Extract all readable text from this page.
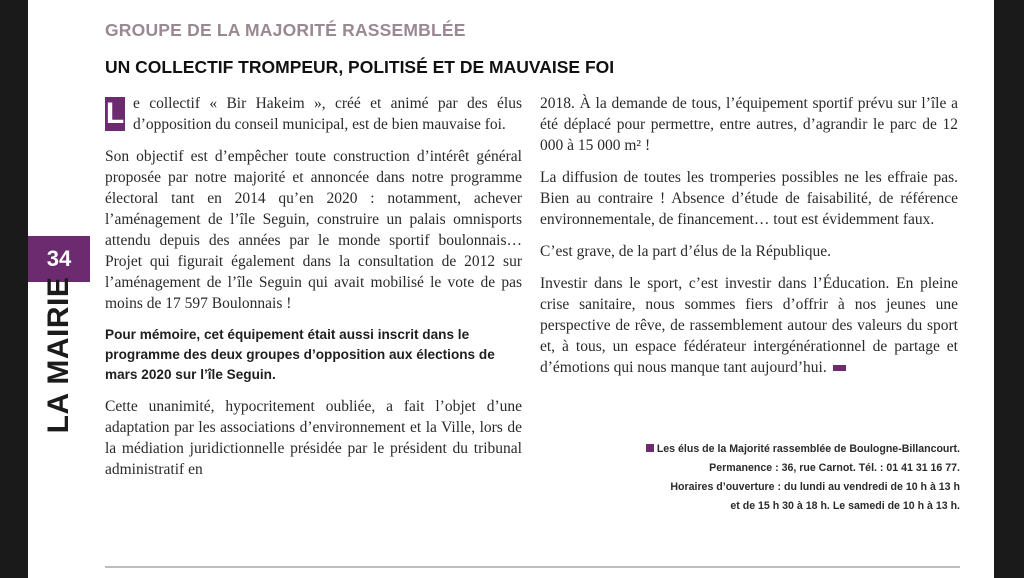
34
LA MAIRIE
GROUPE DE LA MAJORITÉ RASSEMBLÉE
UN COLLECTIF TROMPEUR, POLITISÉ ET DE MAUVAISE FOI

L e collectif « Bir Hakeim », créé et animé par des élus d’opposition du conseil municipal, est de bien mauvaise foi.

Son objectif est d’empêcher toute construction d’intérêt général proposée par notre majorité et annoncée dans notre programme électoral tant en 2014 qu’en 2020 : notamment, achever l’aménagement de l’île Seguin, construire un palais omnisports attendu depuis des années par le monde sportif boulonnais… Projet qui figurait également dans la consultation de 2012 sur l’aménagement de l’île Seguin qui avait mobilisé le vote de pas moins de 17 597 Boulonnais !

Pour mémoire, cet équipement était aussi inscrit dans le programme des deux groupes d’opposition aux élections de mars 2020 sur l’île Seguin.

Cette unanimité, hypocritement oubliée, a fait l’objet d’une adaptation par les associations d’environnement et la Ville, lors de la médiation juridictionnelle présidée par le président du tribunal administratif en

2018. À la demande de tous, l’équipement sportif prévu sur l’île a été déplacé pour permettre, entre autres, d’agrandir le parc de 12 000 à 15 000 m² !

La diffusion de toutes les tromperies possibles ne les effraie pas. Bien au contraire ! Absence d’étude de faisabilité, de référence environnementale, de financement… tout est évidemment faux.

C’est grave, de la part d’élus de la République.

Investir dans le sport, c’est investir dans l’Éducation. En pleine crise sanitaire, nous sommes fiers d’offrir à nos jeunes une perspective de rêve, de rassemblement autour des valeurs du sport et, à tous, un espace fédérateur intergénérationnel de partage et d’émotions qui nous manque tant aujourd’hui.

Les élus de la Majorité rassemblée de Boulogne-Billancourt.
Permanence : 36, rue Carnot. Tél. : 01 41 31 16 77.
Horaires d’ouverture : du lundi au vendredi de 10 h à 13 h
et de 15 h 30 à 18 h. Le samedi de 10 h à 13 h.
